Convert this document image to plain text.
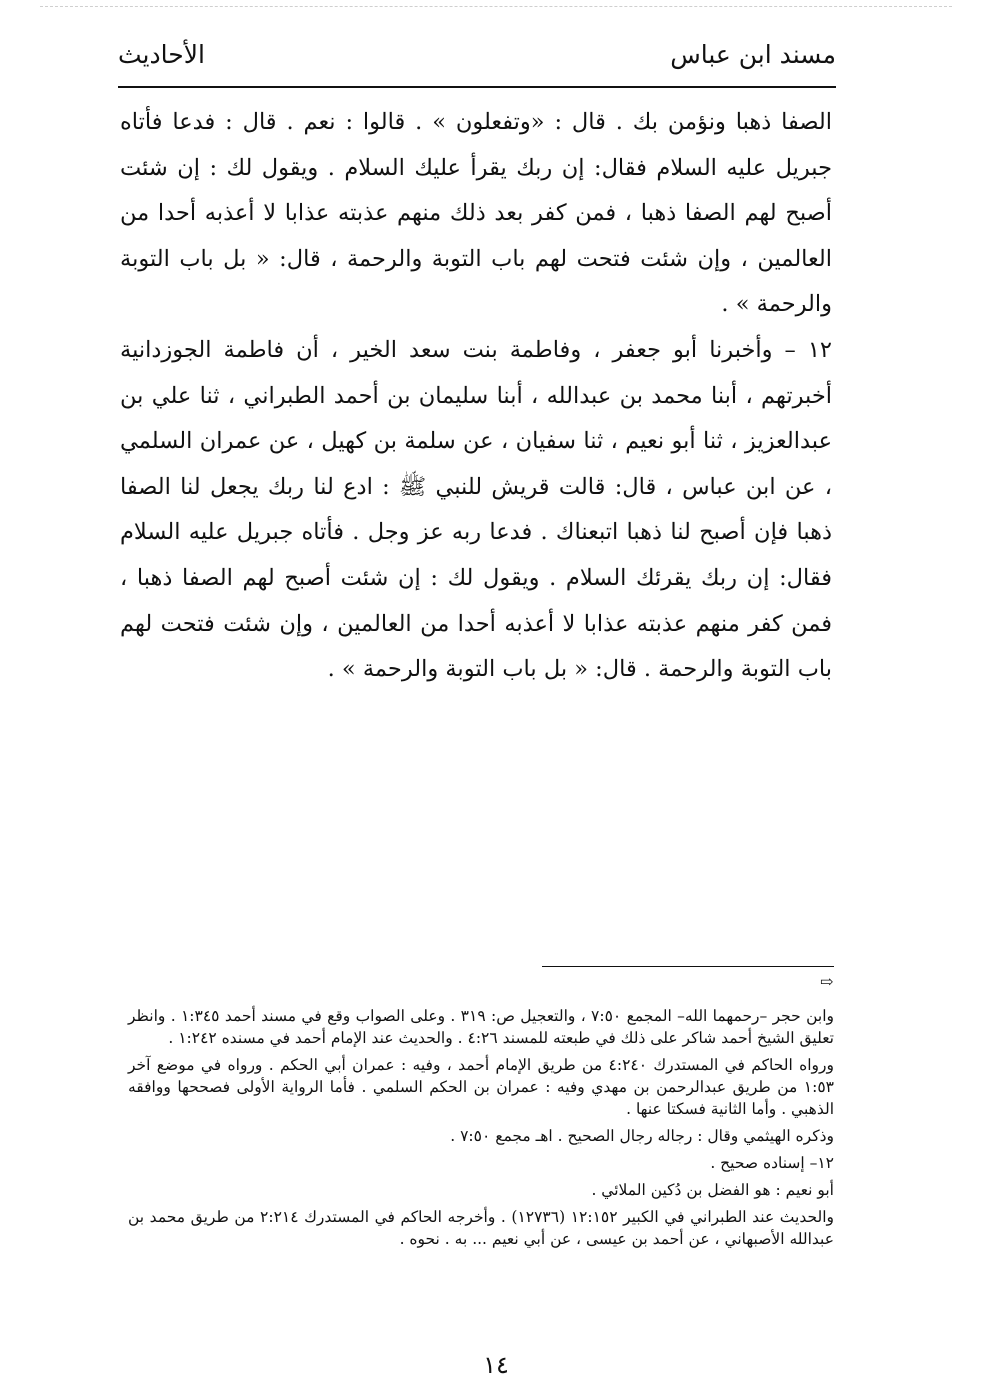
مسند ابن عباس
الأحاديث

الصفا ذهبا ونؤمن بك . قال : «وتفعلون » . قالوا : نعم . قال : فدعا فأتاه جبريل عليه السلام فقال: إن ربك يقرأ عليك السلام . ويقول لك : إن شئت أصبح لهم الصفا ذهبا ، فمن كفر بعد ذلك منهم عذبته عذابا لا أعذبه أحدا من العالمين ، وإن شئت فتحت لهم باب التوبة والرحمة ، قال: « بل باب التوبة والرحمة » .

١٢ – وأخبرنا أبو جعفر ، وفاطمة بنت سعد الخير ، أن فاطمة الجوزدانية أخبرتهم ، أبنا محمد بن عبدالله ، أبنا سليمان بن أحمد الطبراني ، ثنا علي بن عبدالعزيز ، ثنا أبو نعيم ، ثنا سفيان ، عن سلمة بن كهيل ، عن عمران السلمي ، عن ابن عباس ، قال: قالت قريش للنبي ﷺ : ادع لنا ربك يجعل لنا الصفا ذهبا فإن أصبح لنا ذهبا اتبعناك . فدعا ربه عز وجل . فأتاه جبريل عليه السلام فقال: إن ربك يقرئك السلام . ويقول لك : إن شئت أصبح لهم الصفا ذهبا ، فمن كفر منهم عذبته عذابا لا أعذبه أحدا من العالمين ، وإن شئت فتحت لهم باب التوبة والرحمة . قال: « بل باب التوبة والرحمة » .

⇨

وابن حجر –رحمهما الله– المجمع ٧:٥٠ ، والتعجيل ص: ٣١٩ . وعلى الصواب وقع في مسند أحمد ١:٣٤٥ . وانظر تعليق الشيخ أحمد شاكر على ذلك في طبعته للمسند ٤:٢٦ . والحديث عند الإمام أحمد في مسنده ١:٢٤٢ .

ورواه الحاكم في المستدرك ٤:٢٤٠ من طريق الإمام أحمد ، وفيه : عمران أبي الحكم . ورواه في موضع آخر ١:٥٣ من طريق عبدالرحمن بن مهدي وفيه : عمران بن الحكم السلمي . فأما الرواية الأولى فصححها ووافقه الذهبي . وأما الثانية فسكتا عنها .

وذكره الهيثمي وقال : رجاله رجال الصحيح . اهـ مجمع ٧:٥٠ .

١٢– إسناده صحيح .

أبو نعيم : هو الفضل بن دُكين الملائي .

والحديث عند الطبراني في الكبير ١٢:١٥٢ (١٢٧٣٦) . وأخرجه الحاكم في المستدرك ٢:٢١٤ من طريق محمد بن عبدالله الأصبهاني ، عن أحمد بن عيسى ، عن أبي نعيم ... به . نحوه .

١٤
